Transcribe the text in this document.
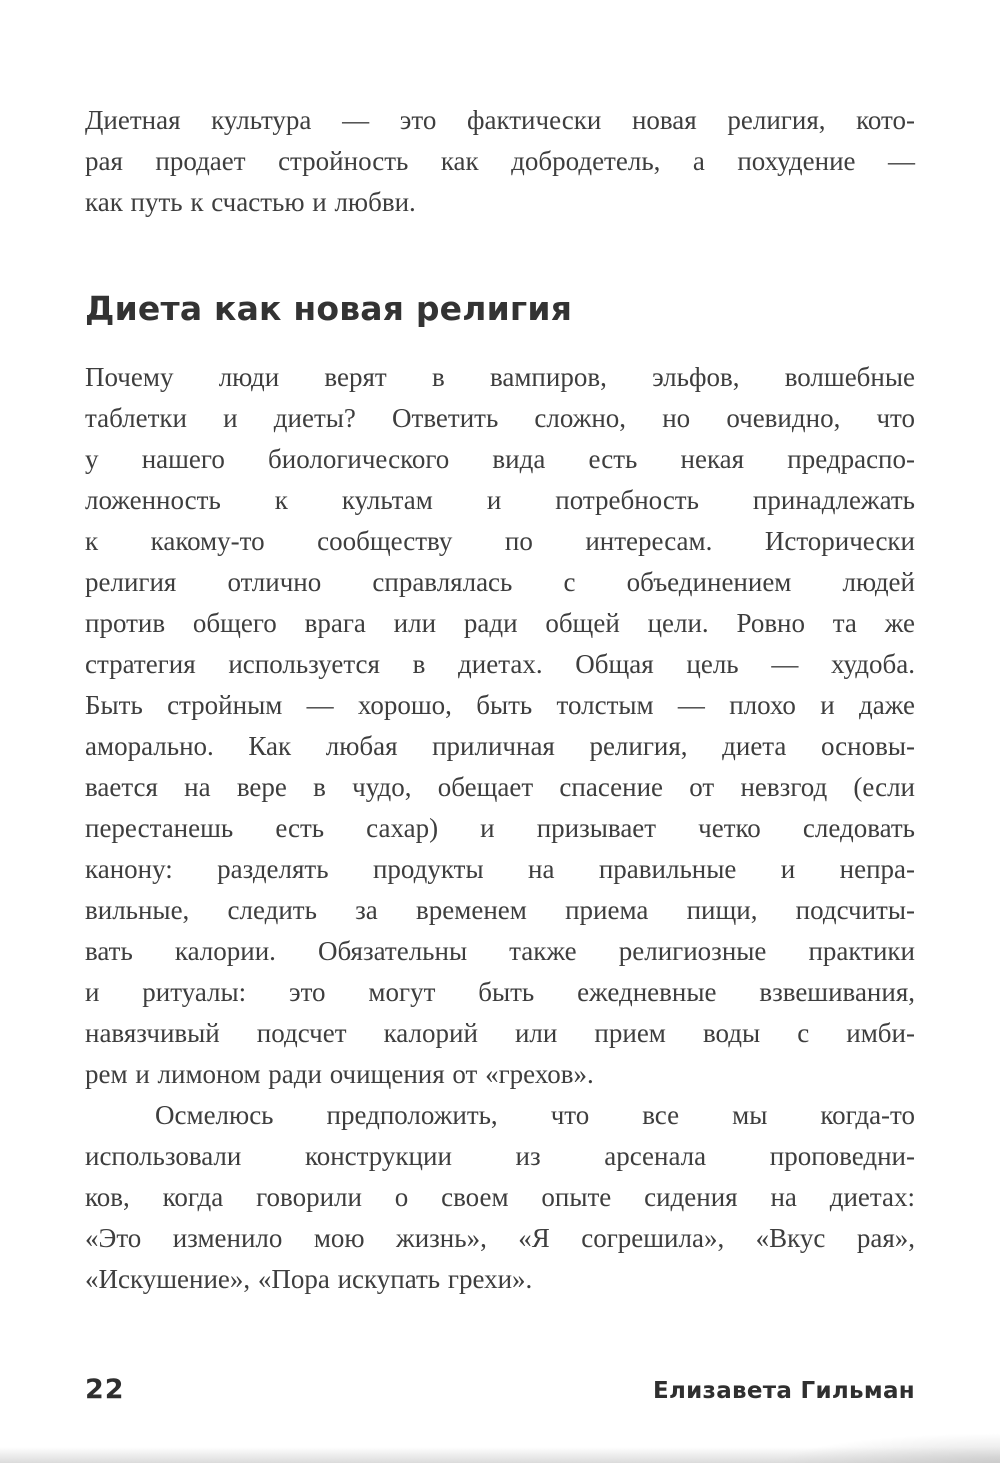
Диетная культура — это фактически новая религия, кото-
рая продает стройность как добродетель, а похудение —
как путь к счастью и любви.
Диета как новая религия
Почему люди верят в вампиров, эльфов, волшебные
таблетки и диеты? Ответить сложно, но очевидно, что
у нашего биологического вида есть некая предраспо-
ложенность к культам и потребность принадлежать
к какому-то сообществу по интересам. Исторически
религия отлично справлялась с объединением людей
против общего врага или ради общей цели. Ровно та же
стратегия используется в диетах. Общая цель — худоба.
Быть стройным — хорошо, быть толстым — плохо и даже
аморально. Как любая приличная религия, диета основы-
вается на вере в чудо, обещает спасение от невзгод (если
перестанешь есть сахар) и призывает четко следовать
канону: разделять продукты на правильные и непра-
вильные, следить за временем приема пищи, подсчиты-
вать калории. Обязательны также религиозные практики
и ритуалы: это могут быть ежедневные взвешивания,
навязчивый подсчет калорий или прием воды с имби-
рем и лимоном ради очищения от «грехов».
Осмелюсь предположить, что все мы когда-то
использовали конструкции из арсенала проповедни-
ков, когда говорили о своем опыте сидения на диетах:
«Это изменило мою жизнь», «Я согрешила», «Вкус рая»,
«Искушение», «Пора искупать грехи».
22	Елизавета Гильман
